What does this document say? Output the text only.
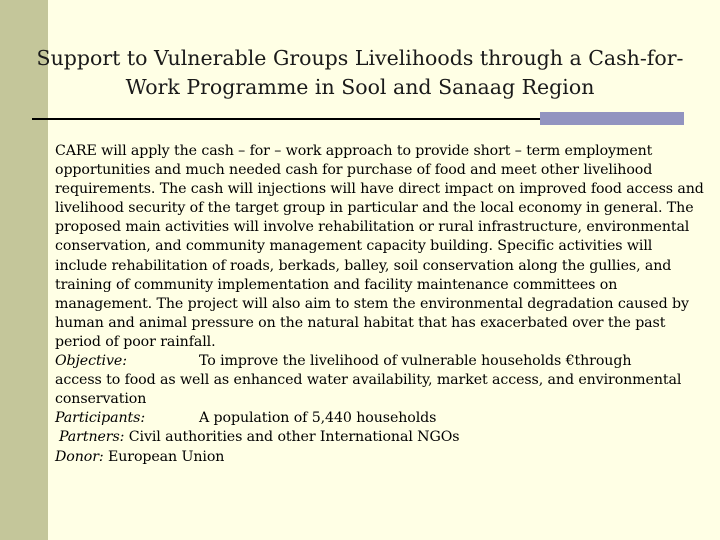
Support to Vulnerable Groups Livelihoods through a Cash-for-Work Programme in Sool and Sanaag Region

CARE will apply the cash – for – work approach to provide short – term employment opportunities and much needed cash for purchase of food and meet other livelihood requirements. The cash will injections will have direct impact on improved food access and livelihood security of the target group in particular and the local economy in general. The proposed main activities will involve rehabilitation or rural infrastructure, environmental conservation, and community management capacity building. Specific activities will include rehabilitation of roads, berkads, balley, soil conservation along the gullies, and training of community implementation and facility maintenance committees on management. The project will also aim to stem the environmental degradation caused by human and animal pressure on the natural habitat that has exacerbated over the past period of poor rainfall.

Objective:	To improve the livelihood of vulnerable households €through

access to food as well as enhanced water availability, market access, and environmental conservation

Participants:	A population of 5,440 households

Partners: Civil authorities and other International NGOs

Donor: European Union
